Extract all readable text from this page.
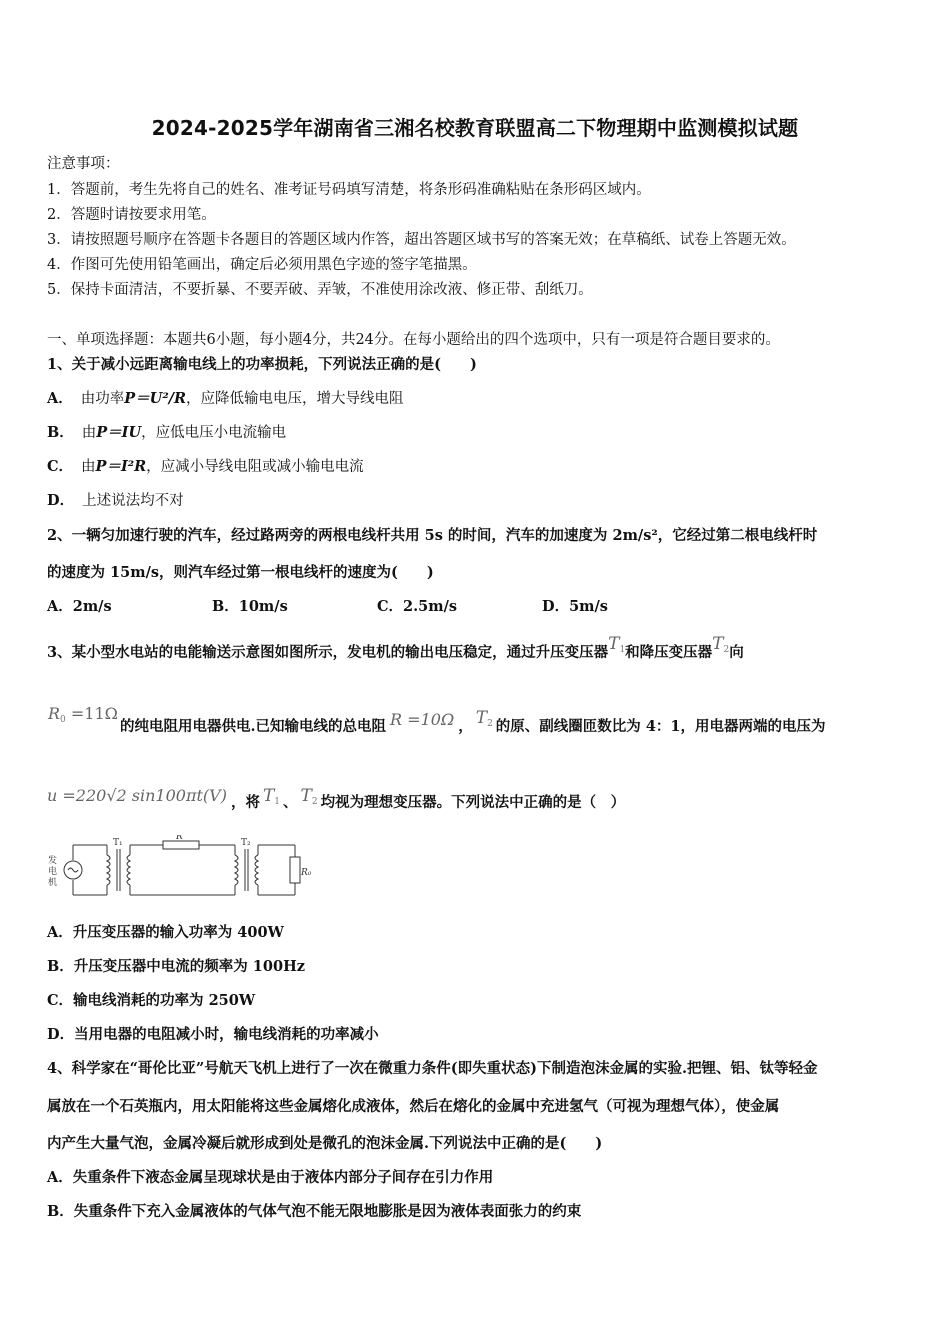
2024-2025学年湖南省三湘名校教育联盟高二下物理期中监测模拟试题
注意事项：
1．答题前，考生先将自己的姓名、准考证号码填写清楚，将条形码准确粘贴在条形码区域内。
2．答题时请按要求用笔。
3．请按照题号顺序在答题卡各题目的答题区域内作答，超出答题区域书写的答案无效；在草稿纸、试卷上答题无效。
4．作图可先使用铅笔画出，确定后必须用黑色字迹的签字笔描黑。
5．保持卡面清洁，不要折暴、不要弄破、弄皱，不准使用涂改液、修正带、刮纸刀。
一、单项选择题：本题共6小题，每小题4分，共24分。在每小题给出的四个选项中，只有一项是符合题目要求的。
1、关于减小远距离输电线上的功率损耗，下列说法正确的是(　　)
A． 由功率P＝U²/R，应降低输电电压，增大导线电阻
B． 由P＝IU，应低电压小电流输电
C． 由P＝I²R，应减小导线电阻或减小输电电流
D． 上述说法均不对
2、一辆匀加速行驶的汽车，经过路两旁的两根电线杆共用 5s 的时间，汽车的加速度为 2m/s²，它经过第二根电线杆时
的速度为 15m/s，则汽车经过第一根电线杆的速度为(　　)
A．2m/s	B．10m/s	C．2.5m/s	D．5m/s
3、某小型水电站的电能输送示意图如图所示，发电机的输出电压稳定，通过升压变压器$T_1$和降压变压器$T_2$向
$R_0 =11\Omega$
的纯电阻用电器供电.已知输电线的总电阻 R =10Ω ， $T_2$ 的原、副线圈匝数比为 4：1，用电器两端的电压为
u =220√2 sin100πt(V) ，将 $T_1$ 、 $T_2$ 均视为理想变压器。下列说法中正确的是（　）
发
电
机
T₁
R
T₂
R₀
A．升压变压器的输入功率为 400W
B．升压变压器中电流的频率为 100Hz
C．输电线消耗的功率为 250W
D．当用电器的电阻减小时，输电线消耗的功率减小
4、科学家在“哥伦比亚”号航天飞机上进行了一次在微重力条件(即失重状态)下制造泡沫金属的实验.把锂、铝、钛等轻金
属放在一个石英瓶内，用太阳能将这些金属熔化成液体，然后在熔化的金属中充进氢气（可视为理想气体），使金属
内产生大量气泡，金属冷凝后就形成到处是微孔的泡沫金属.下列说法中正确的是(　　)
A．失重条件下液态金属呈现球状是由于液体内部分子间存在引力作用
B．失重条件下充入金属液体的气体气泡不能无限地膨胀是因为液体表面张力的约束
